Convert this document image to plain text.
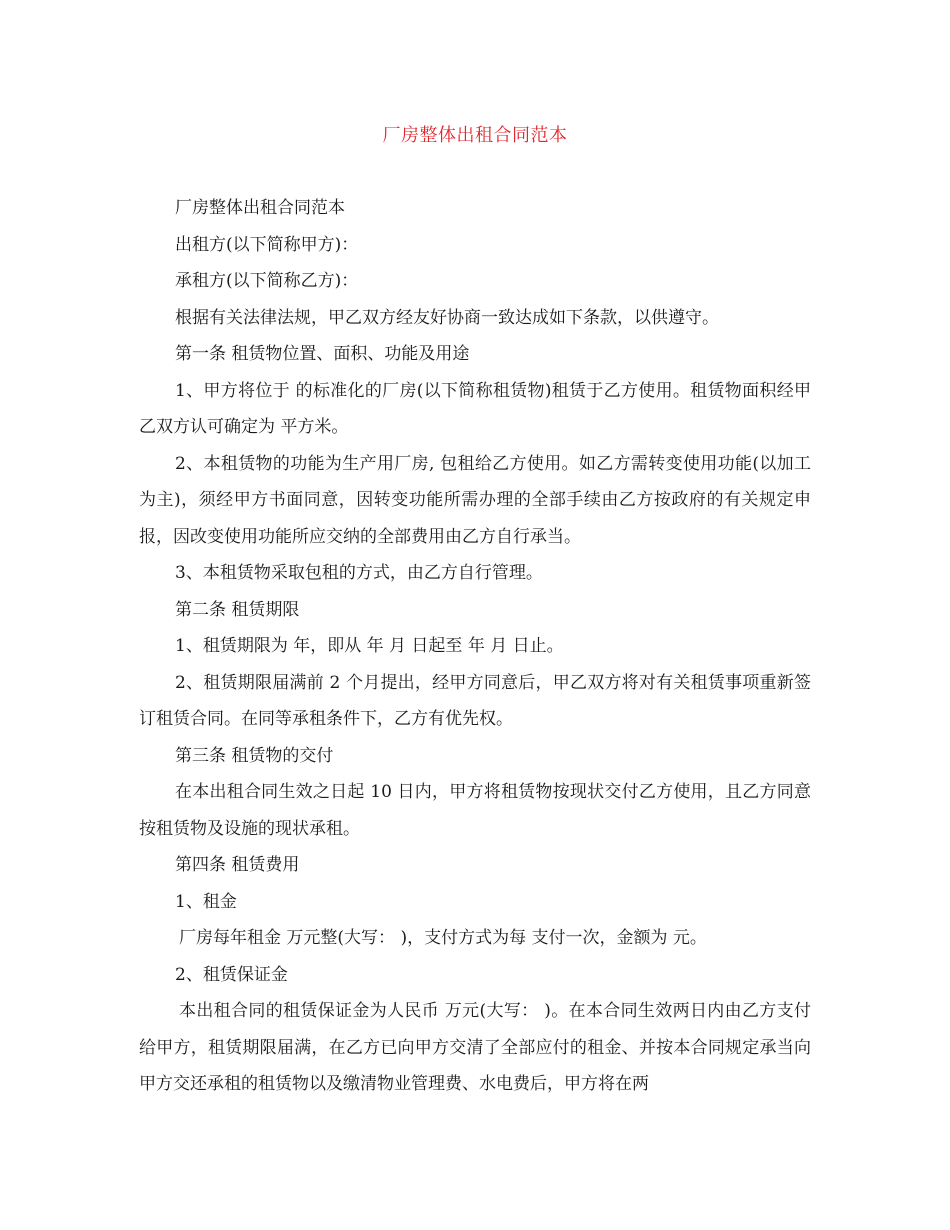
厂房整体出租合同范本

厂房整体出租合同范本

出租方(以下简称甲方)：

承租方(以下简称乙方)：

根据有关法律法规，甲乙双方经友好协商一致达成如下条款，以供遵守。

第一条 租赁物位置、面积、功能及用途

1、甲方将位于 的标准化的厂房(以下简称租赁物)租赁于乙方使用。租赁物面积经甲乙双方认可确定为 平方米。

2、本租赁物的功能为生产用厂房, 包租给乙方使用。如乙方需转变使用功能(以加工为主)，须经甲方书面同意，因转变功能所需办理的全部手续由乙方按政府的有关规定申报，因改变使用功能所应交纳的全部费用由乙方自行承当。

3、本租赁物采取包租的方式，由乙方自行管理。

第二条 租赁期限

1、租赁期限为 年，即从 年 月 日起至 年 月 日止。

2、租赁期限届满前 2 个月提出，经甲方同意后，甲乙双方将对有关租赁事项重新签订租赁合同。在同等承租条件下，乙方有优先权。

第三条 租赁物的交付

在本出租合同生效之日起 10 日内，甲方将租赁物按现状交付乙方使用，且乙方同意按租赁物及设施的现状承租。

第四条 租赁费用

1、租金

厂房每年租金 万元整(大写： )，支付方式为每 支付一次，金额为 元。

2、租赁保证金

本出租合同的租赁保证金为人民币 万元(大写： )。在本合同生效两日内由乙方支付给甲方，租赁期限届满，在乙方已向甲方交清了全部应付的租金、并按本合同规定承当向甲方交还承租的租赁物以及缴清物业管理费、水电费后，甲方将在两
